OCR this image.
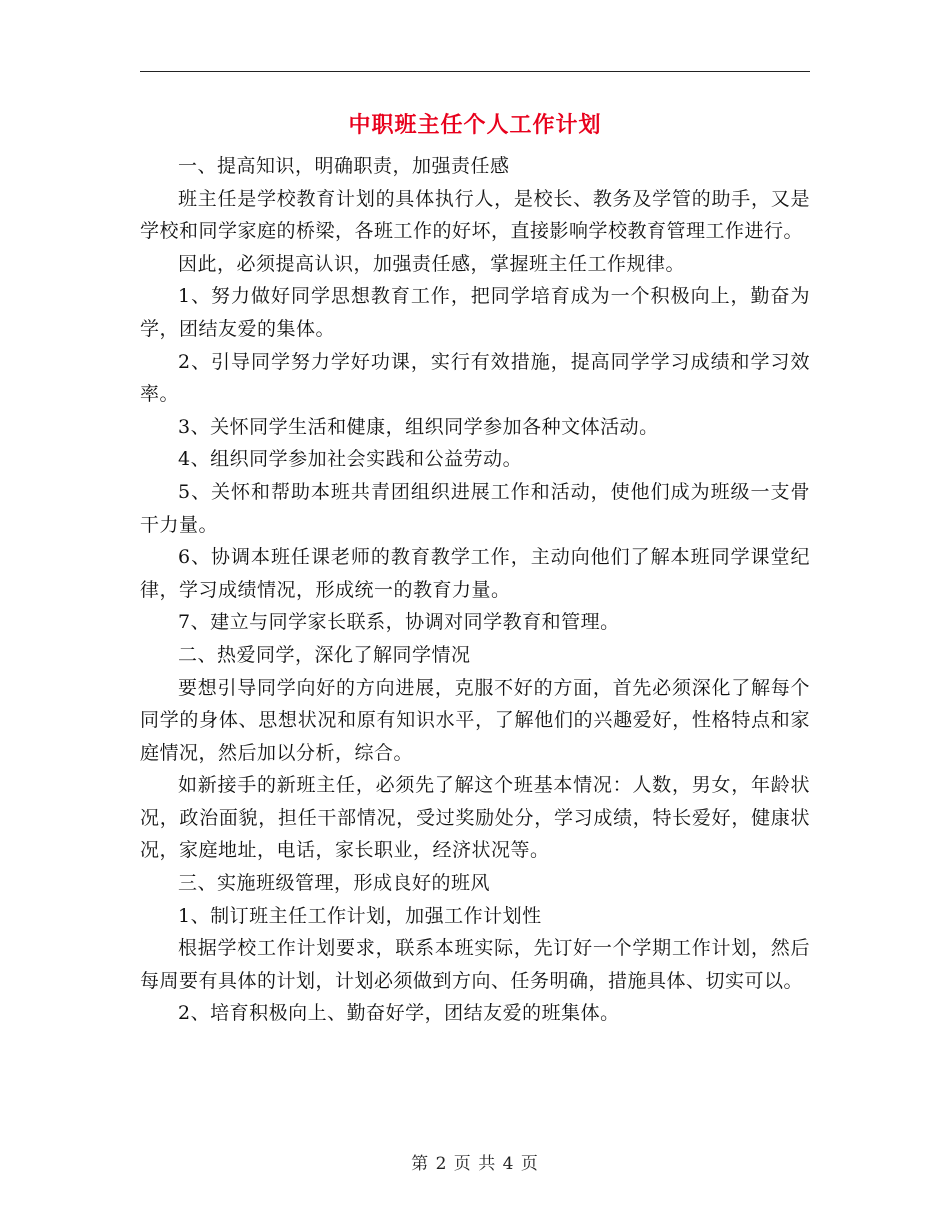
中职班主任个人工作计划

一、提高知识，明确职责，加强责任感

班主任是学校教育计划的具体执行人，是校长、教务及学管的助手，又是学校和同学家庭的桥梁，各班工作的好坏，直接影响学校教育管理工作进行。

因此，必须提高认识，加强责任感，掌握班主任工作规律。

1、努力做好同学思想教育工作，把同学培育成为一个积极向上，勤奋为学，团结友爱的集体。

2、引导同学努力学好功课，实行有效措施，提高同学学习成绩和学习效率。

3、关怀同学生活和健康，组织同学参加各种文体活动。

4、组织同学参加社会实践和公益劳动。

5、关怀和帮助本班共青团组织进展工作和活动，使他们成为班级一支骨干力量。

6、协调本班任课老师的教育教学工作，主动向他们了解本班同学课堂纪律，学习成绩情况，形成统一的教育力量。

7、建立与同学家长联系，协调对同学教育和管理。

二、热爱同学，深化了解同学情况

要想引导同学向好的方向进展，克服不好的方面，首先必须深化了解每个同学的身体、思想状况和原有知识水平，了解他们的兴趣爱好，性格特点和家庭情况，然后加以分析，综合。

如新接手的新班主任，必须先了解这个班基本情况：人数，男女，年龄状况，政治面貌，担任干部情况，受过奖励处分，学习成绩，特长爱好，健康状况，家庭地址，电话，家长职业，经济状况等。

三、实施班级管理，形成良好的班风

1、制订班主任工作计划，加强工作计划性

根据学校工作计划要求，联系本班实际，先订好一个学期工作计划，然后每周要有具体的计划，计划必须做到方向、任务明确，措施具体、切实可以。

2、培育积极向上、勤奋好学，团结友爱的班集体。

第 2 页 共 4 页
